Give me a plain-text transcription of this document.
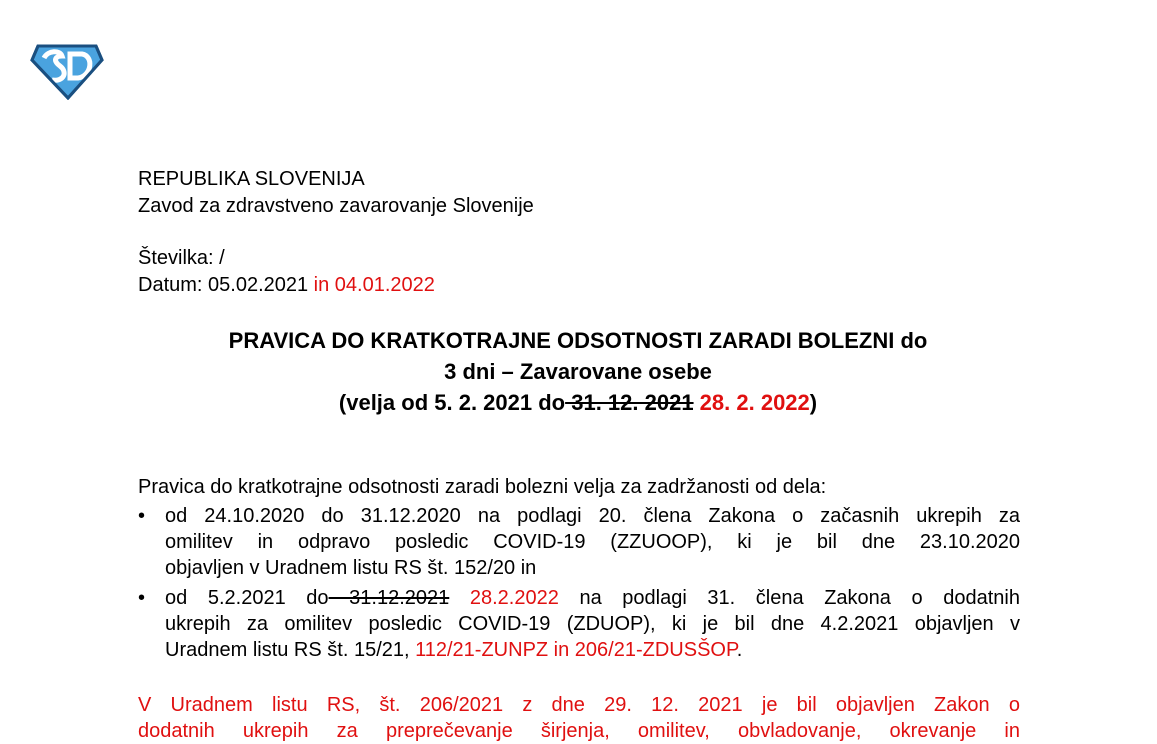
REPUBLIKA SLOVENIJA
Zavod za zdravstveno zavarovanje Slovenije
Številka: /
Datum: 05.02.2021 in 04.01.2022
PRAVICA DO KRATKOTRAJNE ODSOTNOSTI ZARADI BOLEZNI do
3 dni – Zavarovane osebe
(velja od 5. 2. 2021 do 31. 12. 2021 28. 2. 2022)
Pravica do kratkotrajne odsotnosti zaradi bolezni velja za zadržanosti od dela:
• od 24.10.2020 do 31.12.2020 na podlagi 20. člena Zakona o začasnih ukrepih za
omilitev in odpravo posledic COVID-19 (ZZUOOP), ki je bil dne 23.10.2020
objavljen v Uradnem listu RS št. 152/20 in
• od 5.2.2021 do 31.12.2021 28.2.2022 na podlagi 31. člena Zakona o dodatnih
ukrepih za omilitev posledic COVID-19 (ZDUOP), ki je bil dne 4.2.2021 objavljen v
Uradnem listu RS št. 15/21, 112/21-ZUNPZ in 206/21-ZDUSŠOP.
V Uradnem listu RS, št. 206/2021 z dne 29. 12. 2021 je bil objavljen Zakon o
dodatnih ukrepih za preprečevanje širjenja, omilitev, obvladovanje, okrevanje in
